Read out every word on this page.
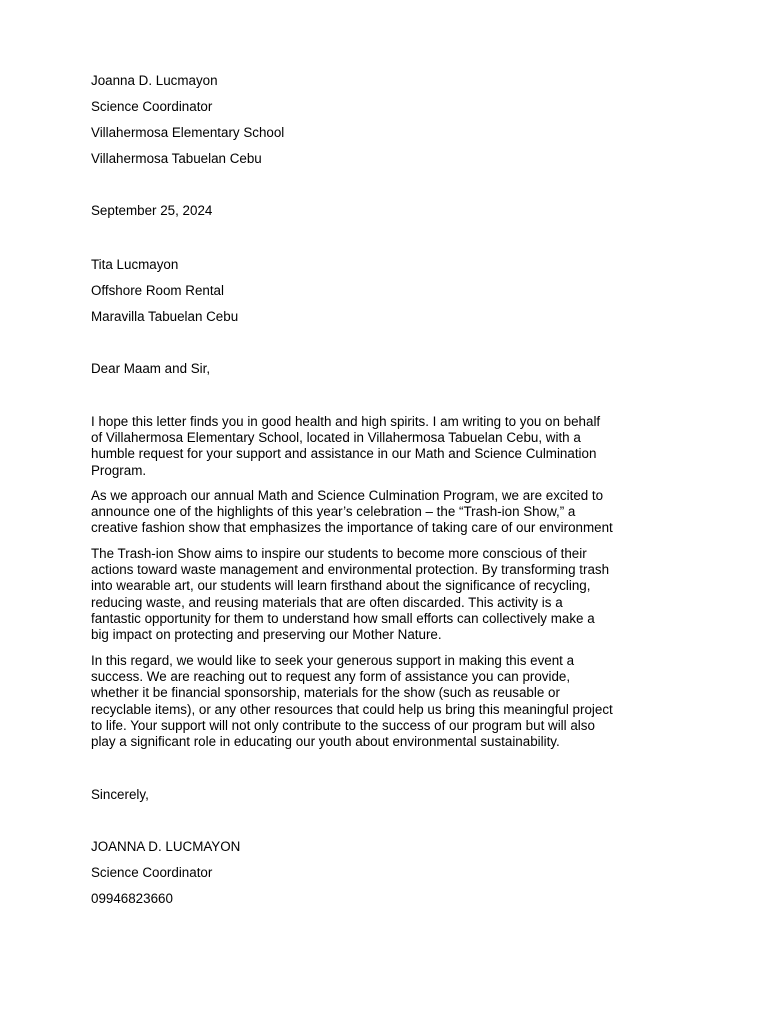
Joanna D. Lucmayon
Science Coordinator
Villahermosa Elementary School
Villahermosa Tabuelan Cebu
September 25, 2024
Tita Lucmayon
Offshore Room Rental
Maravilla Tabuelan Cebu
Dear Maam and Sir,
I hope this letter finds you in good health and high spirits. I am writing to you on behalf
of Villahermosa Elementary School, located in Villahermosa Tabuelan Cebu, with a
humble request for your support and assistance in our Math and Science Culmination
Program.
As we approach our annual Math and Science Culmination Program, we are excited to
announce one of the highlights of this year’s celebration – the “Trash-ion Show,” a
creative fashion show that emphasizes the importance of taking care of our environment
The Trash-ion Show aims to inspire our students to become more conscious of their
actions toward waste management and environmental protection. By transforming trash
into wearable art, our students will learn firsthand about the significance of recycling,
reducing waste, and reusing materials that are often discarded. This activity is a
fantastic opportunity for them to understand how small efforts can collectively make a
big impact on protecting and preserving our Mother Nature.
In this regard, we would like to seek your generous support in making this event a
success. We are reaching out to request any form of assistance you can provide,
whether it be financial sponsorship, materials for the show (such as reusable or
recyclable items), or any other resources that could help us bring this meaningful project
to life. Your support will not only contribute to the success of our program but will also
play a significant role in educating our youth about environmental sustainability.
Sincerely,
JOANNA D. LUCMAYON
Science Coordinator
09946823660
